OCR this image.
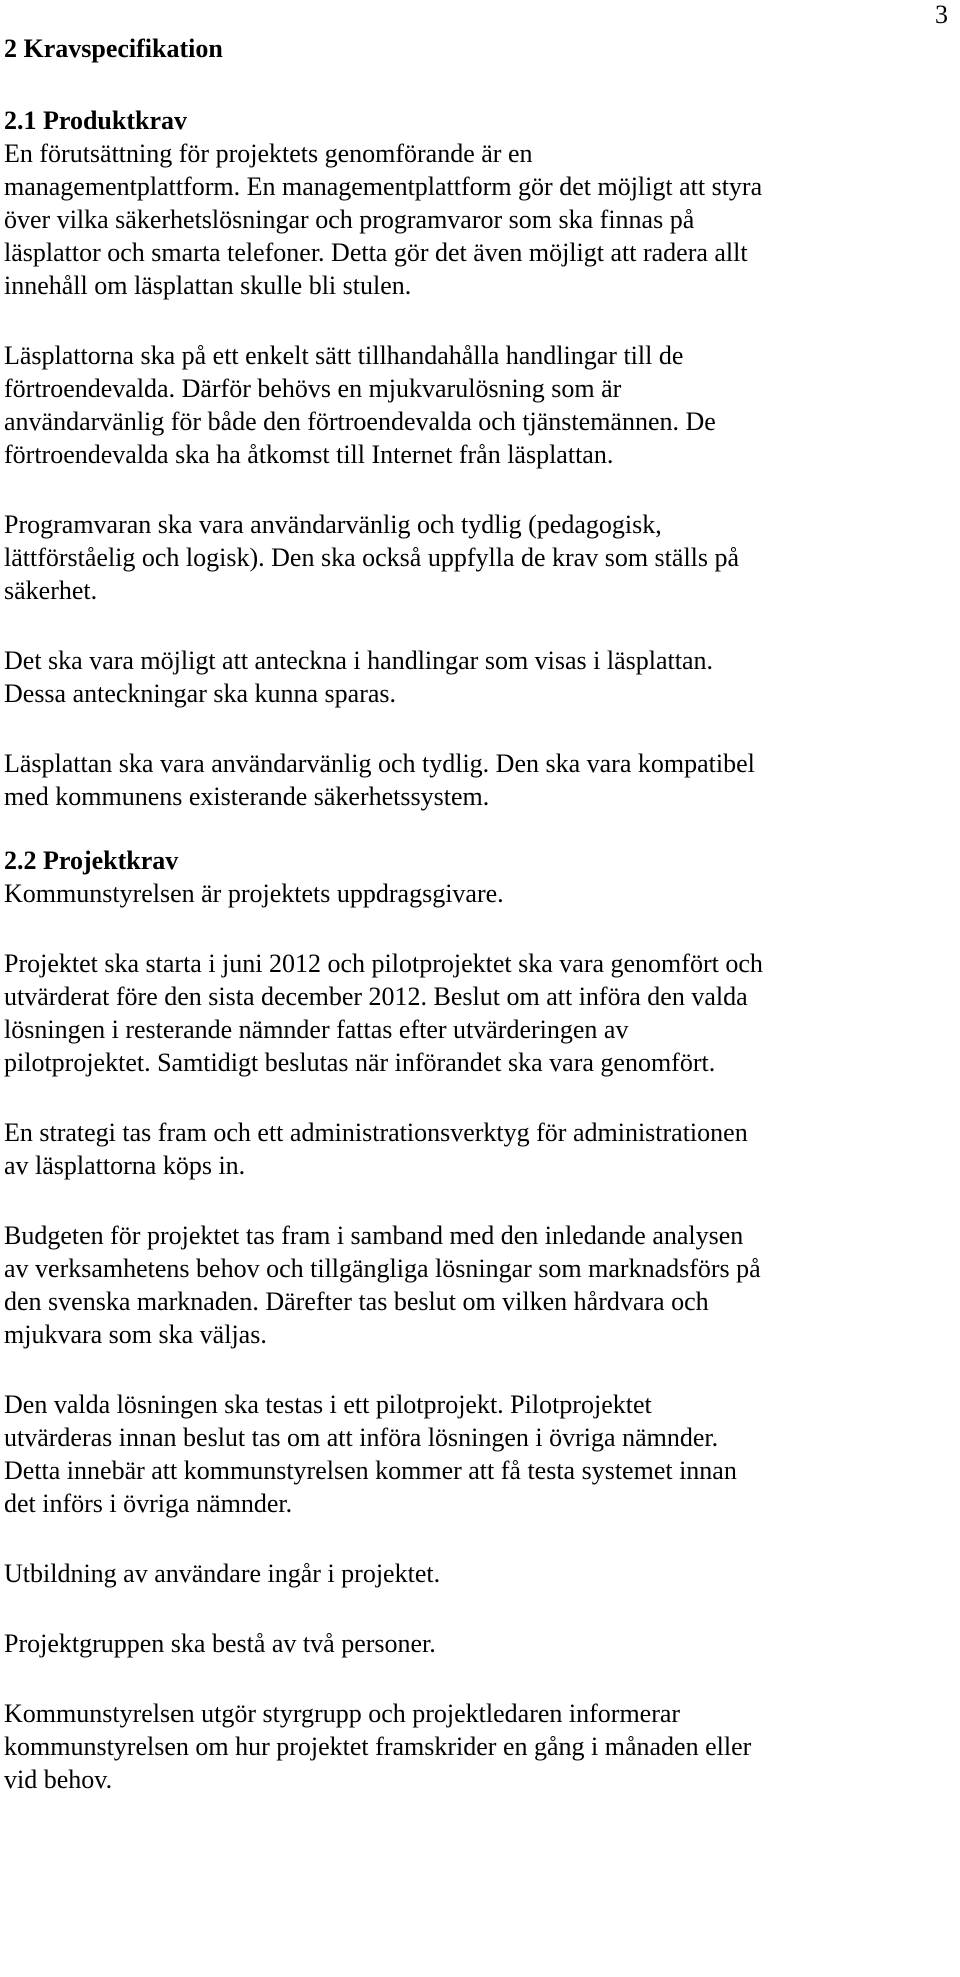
3
2 Kravspecifikation
2.1 Produktkrav

En förutsättning för projektets genomförande är en
managementplattform. En managementplattform gör det möjligt att styra
över vilka säkerhetslösningar och programvaror som ska finnas på
läsplattor och smarta telefoner. Detta gör det även möjligt att radera allt
innehåll om läsplattan skulle bli stulen.

Läsplattorna ska på ett enkelt sätt tillhandahålla handlingar till de
förtroendevalda. Därför behövs en mjukvarulösning som är
användarvänlig för både den förtroendevalda och tjänstemännen. De
förtroendevalda ska ha åtkomst till Internet från läsplattan.

Programvaran ska vara användarvänlig och tydlig (pedagogisk,
lättförståelig och logisk). Den ska också uppfylla de krav som ställs på
säkerhet.

Det ska vara möjligt att anteckna i handlingar som visas i läsplattan.
Dessa anteckningar ska kunna sparas.

Läsplattan ska vara användarvänlig och tydlig. Den ska vara kompatibel
med kommunens existerande säkerhetssystem.

2.2 Projektkrav

Kommunstyrelsen är projektets uppdragsgivare.

Projektet ska starta i juni 2012 och pilotprojektet ska vara genomfört och
utvärderat före den sista december 2012. Beslut om att införa den valda
lösningen i resterande nämnder fattas efter utvärderingen av
pilotprojektet. Samtidigt beslutas när införandet ska vara genomfört.

En strategi tas fram och ett administrationsverktyg för administrationen
av läsplattorna köps in.

Budgeten för projektet tas fram i samband med den inledande analysen
av verksamhetens behov och tillgängliga lösningar som marknadsförs på
den svenska marknaden. Därefter tas beslut om vilken hårdvara och
mjukvara som ska väljas.

Den valda lösningen ska testas i ett pilotprojekt. Pilotprojektet
utvärderas innan beslut tas om att införa lösningen i övriga nämnder.
Detta innebär att kommunstyrelsen kommer att få testa systemet innan
det införs i övriga nämnder.

Utbildning av användare ingår i projektet.

Projektgruppen ska bestå av två personer.

Kommunstyrelsen utgör styrgrupp och projektledaren informerar
kommunstyrelsen om hur projektet framskrider en gång i månaden eller
vid behov.
